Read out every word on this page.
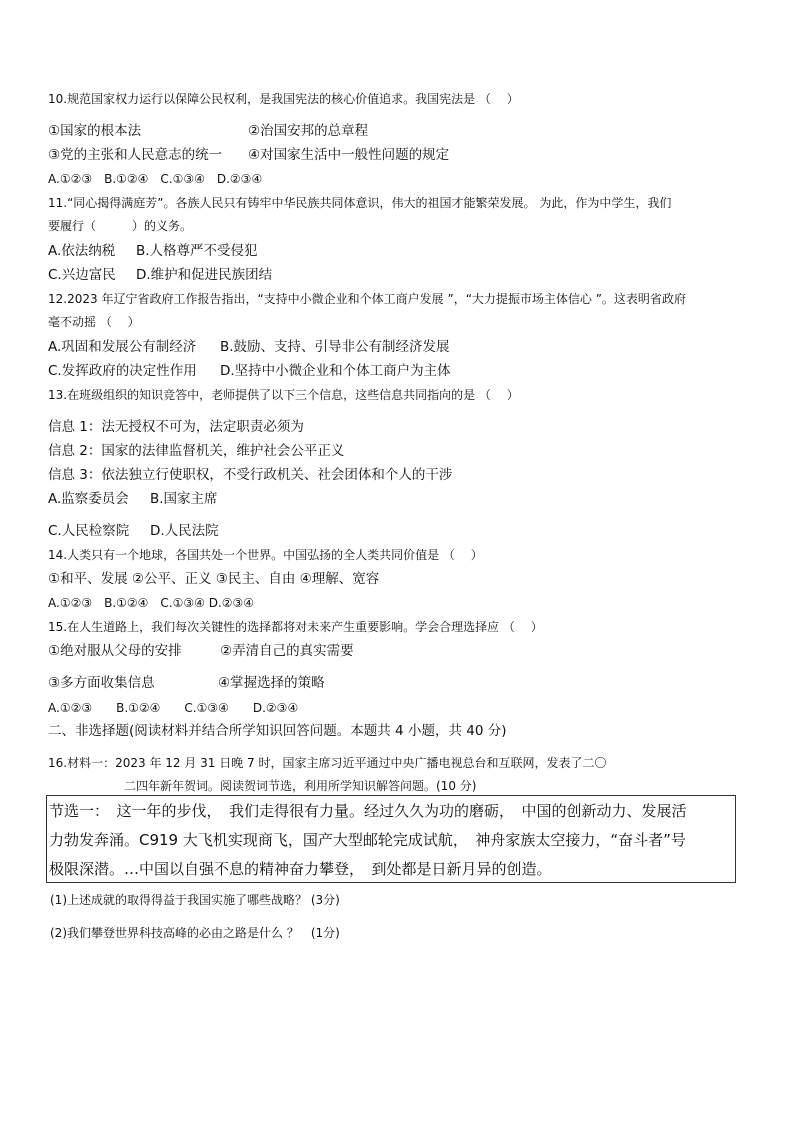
10.规范国家权力运行以保障公民权利，是我国宪法的核心价值追求。我国宪法是 （　 ）
①国家的根本法	②治国安邦的总章程
③党的主张和人民意志的统一 ④对国家生活中一般性问题的规定
A.①②③　B.①②④　C.①③④　D.②③④
11.“同心揭得满庭芳”。各族人民只有铸牢中华民族共同体意识，伟大的祖国才能繁荣发展。 为此，作为中学生，我们
要履行（　　　）的义务。
A.依法纳税 B.人格尊严不受侵犯
C.兴边富民 D.维护和促进民族团结
12.2023 年辽宁省政府工作报告指出，“支持中小微企业和个体工商户发展 ”，“大力提振市场主体信心 ”。这表明省政府
毫不动摇 （　 ）
A.巩固和发展公有制经济 B.鼓励、支持、引导非公有制经济发展
C.发挥政府的决定性作用 D.坚持中小微企业和个体工商户为主体
13.在班级组织的知识竞答中，老师提供了以下三个信息，这些信息共同指向的是 （　 ）
信息 1：法无授权不可为，法定职责必须为
信息 2：国家的法律监督机关，维护社会公平正义
信息 3：依法独立行使职权，不受行政机关、社会团体和个人的干涉
A.监察委员会 B.国家主席
C.人民检察院 D.人民法院
14.人类只有一个地球，各国共处一个世界。中国弘扬的全人类共同价值是 （　 ）
①和平、发展 ②公平、正义 ③民主、自由 ④理解、宽容
A.①②③　B.①②④　C.①③④ D.②③④
15.在人生道路上，我们每次关键性的选择都将对未来产生重要影响。学会合理选择应 （　 ）
①绝对服从父母的安排	②弄清自己的真实需要
③多方面收集信息	④掌握选择的策略
A.①②③　　B.①②④　　C.①③④　　D.②③④
二、非选择题(阅读材料并结合所学知识回答问题。本题共 4 小题，共 40 分)
16.材料一：2023 年 12 月 31 日晚 7 时，国家主席习近平通过中央广播电视总台和互联网，发表了二〇
二四年新年贺词。阅读贺词节选，利用所学知识解答问题。(10 分)
节选一：　这一年的步伐，　我们走得很有力量。经过久久为功的磨砺，　中国的创新动力、发展活
力勃发奔涌。C919 大飞机实现商飞，国产大型邮轮完成试航，　神舟家族太空接力，“奋斗者”号
极限深潜。…中国以自强不息的精神奋力攀登，　到处都是日新月异的创造。
(1)上述成就的取得得益于我国实施了哪些战略？ (3分)
(2)我们攀登世界科技高峰的必由之路是什么 ？　(1分)
